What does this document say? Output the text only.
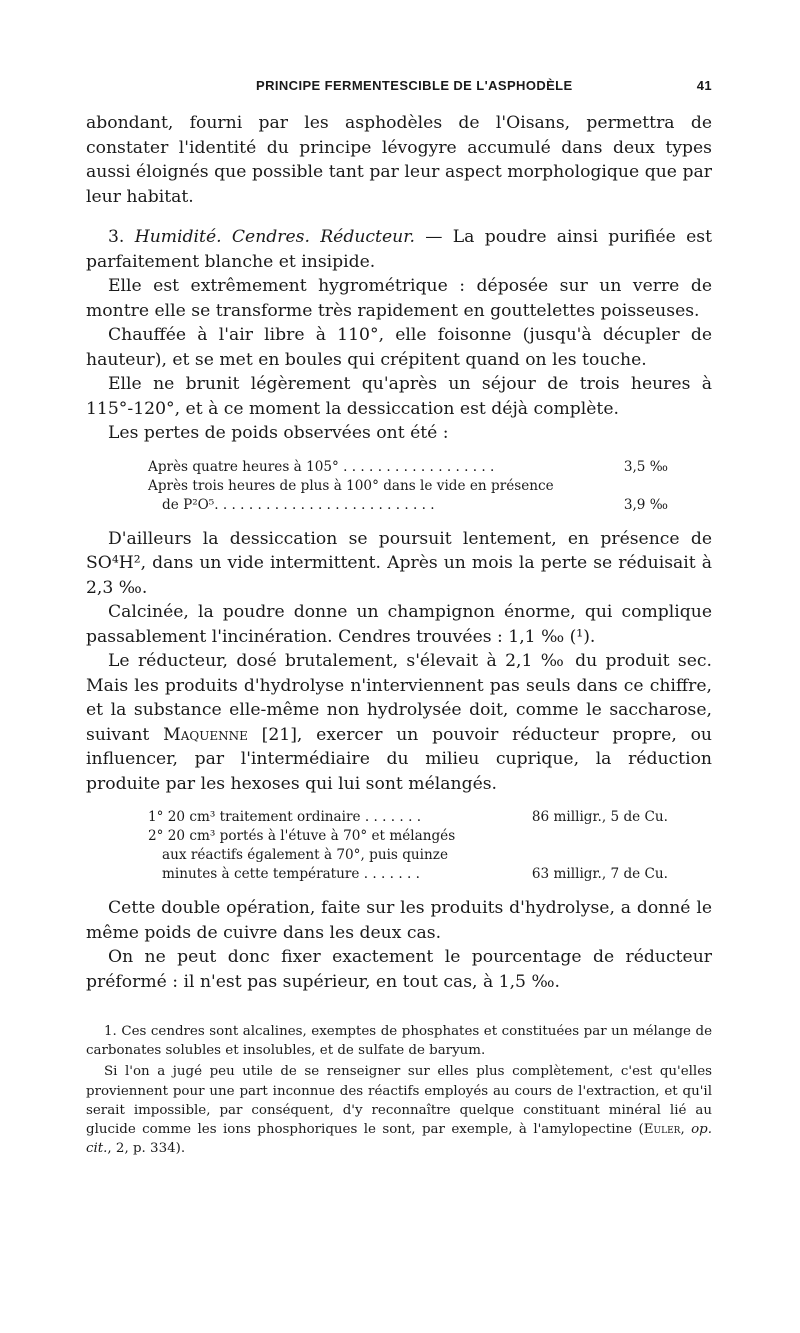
PRINCIPE FERMENTESCIBLE DE L'ASPHODÈLE	41

abondant, fourni par les asphodèles de l'Oisans, permettra de constater l'identité du principe lévogyre accumulé dans deux types aussi éloignés que possible tant par leur aspect morphologique que par leur habitat.

3. Humidité. Cendres. Réducteur. — La poudre ainsi purifiée est parfaitement blanche et insipide.

Elle est extrêmement hygrométrique : déposée sur un verre de montre elle se transforme très rapidement en gouttelettes poisseuses.

Chauffée à l'air libre à 110°, elle foisonne (jusqu'à décupler de hauteur), et se met en boules qui crépitent quand on les touche.

Elle ne brunit légèrement qu'après un séjour de trois heures à 115°-120°, et à ce moment la dessiccation est déjà complète.

Les pertes de poids observées ont été :

Après quatre heures à 105° . . . . . . . . . . . . . . . . . .	3,5 ‰
Après trois heures de plus à 100° dans le vide en présence
de P²O⁵. . . . . . . . . . . . . . . . . . . . . . . . . .	3,9 ‰

D'ailleurs la dessiccation se poursuit lentement, en présence de SO⁴H², dans un vide intermittent. Après un mois la perte se réduisait à 2,3 ‰.

Calcinée, la poudre donne un champignon énorme, qui complique passablement l'incinération. Cendres trouvées : 1,1 ‰ (¹).

Le réducteur, dosé brutalement, s'élevait à 2,1 ‰ du produit sec. Mais les produits d'hydrolyse n'interviennent pas seuls dans ce chiffre, et la substance elle-même non hydrolysée doit, comme le saccharose, suivant Maquenne [21], exercer un pouvoir réducteur propre, ou influencer, par l'intermédiaire du milieu cuprique, la réduction produite par les hexoses qui lui sont mélangés.

1° 20 cm³ traitement ordinaire . . . . . . .	86 milligr., 5 de Cu.
2° 20 cm³ portés à l'étuve à 70° et mélangés
aux réactifs également à 70°, puis quinze
minutes à cette température . . . . . . .	63 milligr., 7 de Cu.

Cette double opération, faite sur les produits d'hydrolyse, a donné le même poids de cuivre dans les deux cas.

On ne peut donc fixer exactement le pourcentage de réducteur préformé : il n'est pas supérieur, en tout cas, à 1,5 ‰.

1. Ces cendres sont alcalines, exemptes de phosphates et constituées par un mélange de carbonates solubles et insolubles, et de sulfate de baryum.

Si l'on a jugé peu utile de se renseigner sur elles plus complètement, c'est qu'elles proviennent pour une part inconnue des réactifs employés au cours de l'extraction, et qu'il serait impossible, par conséquent, d'y reconnaître quelque constituant minéral lié au glucide comme les ions phosphoriques le sont, par exemple, à l'amylopectine (Euler, op. cit., 2, p. 334).
